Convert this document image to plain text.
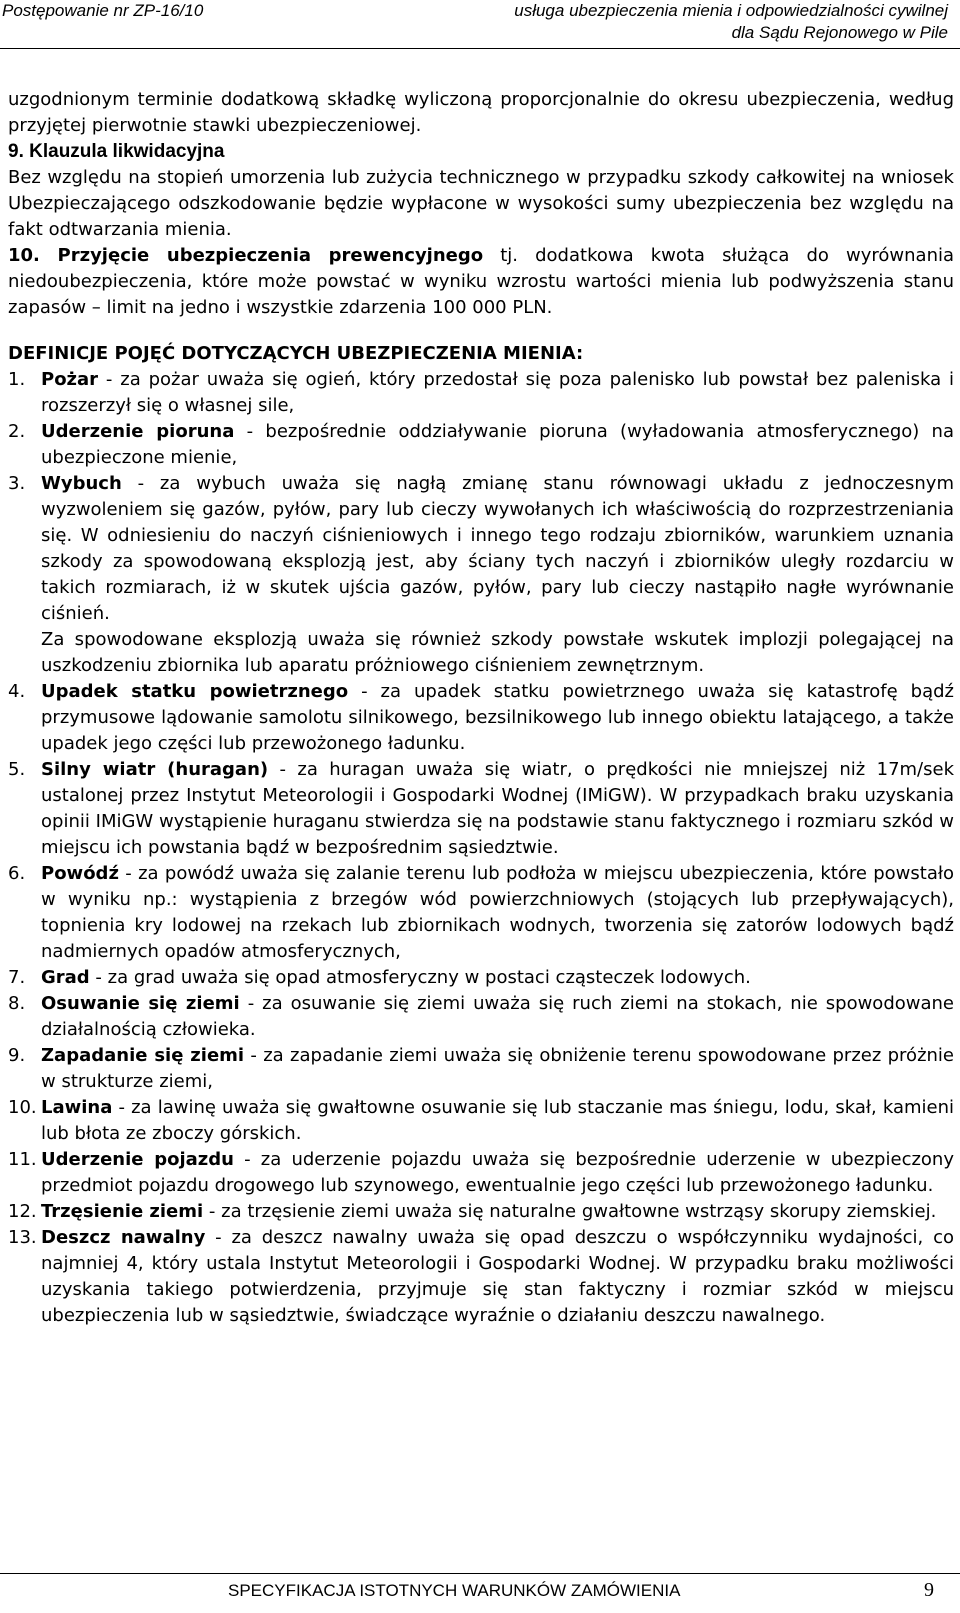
Postępowanie nr ZP-16/10	usługa ubezpieczenia mienia i odpowiedzialności cywilnej
dla Sądu Rejonowego w Pile

uzgodnionym terminie dodatkową składkę wyliczoną proporcjonalnie do okresu ubezpieczenia, według przyjętej pierwotnie stawki ubezpieczeniowej.

9. Klauzula likwidacyjna

Bez względu na stopień umorzenia lub zużycia technicznego w przypadku szkody całkowitej na wniosek Ubezpieczającego odszkodowanie będzie wypłacone w wysokości sumy ubezpieczenia bez względu na fakt odtwarzania mienia.

10. Przyjęcie ubezpieczenia prewencyjnego tj. dodatkowa kwota służąca do wyrównania niedoubezpieczenia, które może powstać w wyniku wzrostu wartości mienia lub podwyższenia stanu zapasów – limit na jedno i wszystkie zdarzenia 100 000 PLN.

DEFINICJE POJĘĆ DOTYCZĄCYCH UBEZPIECZENIA MIENIA:

1. Pożar - za pożar uważa się ogień, który przedostał się poza palenisko lub powstał bez paleniska i rozszerzył się o własnej sile,
2. Uderzenie pioruna - bezpośrednie oddziaływanie pioruna (wyładowania atmosferycznego) na ubezpieczone mienie,
3. Wybuch - za wybuch uważa się nagłą zmianę stanu równowagi układu z jednoczesnym wyzwoleniem się gazów, pyłów, pary lub cieczy wywołanych ich właściwością do rozprzestrzeniania się. W odniesieniu do naczyń ciśnieniowych i innego tego rodzaju zbiorników, warunkiem uznania szkody za spowodowaną eksplozją jest, aby ściany tych naczyń i zbiorników uległy rozdarciu w takich rozmiarach, iż w skutek ujścia gazów, pyłów, pary lub cieczy nastąpiło nagłe wyrównanie ciśnień.
Za spowodowane eksplozją uważa się również szkody powstałe wskutek implozji polegającej na uszkodzeniu zbiornika lub aparatu próżniowego ciśnieniem zewnętrznym.
4. Upadek statku powietrznego - za upadek statku powietrznego uważa się katastrofę bądź przymusowe lądowanie samolotu silnikowego, bezsilnikowego lub innego obiektu latającego, a także upadek jego części lub przewożonego ładunku.
5. Silny wiatr (huragan) - za huragan uważa się wiatr, o prędkości nie mniejszej niż 17m/sek ustalonej przez Instytut Meteorologii i Gospodarki Wodnej (IMiGW). W przypadkach braku uzyskania opinii IMiGW wystąpienie huraganu stwierdza się na podstawie stanu faktycznego i rozmiaru szkód w miejscu ich powstania bądź w bezpośrednim sąsiedztwie.
6. Powódź - za powódź uważa się zalanie terenu lub podłoża w miejscu ubezpieczenia, które powstało w wyniku np.: wystąpienia z brzegów wód powierzchniowych (stojących lub przepływających), topnienia kry lodowej na rzekach lub zbiornikach wodnych, tworzenia się zatorów lodowych bądź nadmiernych opadów atmosferycznych,
7. Grad - za grad uważa się opad atmosferyczny w postaci cząsteczek lodowych.
8. Osuwanie się ziemi - za osuwanie się ziemi uważa się ruch ziemi na stokach, nie spowodowane działalnością człowieka.
9. Zapadanie się ziemi - za zapadanie ziemi uważa się obniżenie terenu spowodowane przez próżnie w strukturze ziemi,
10. Lawina - za lawinę uważa się gwałtowne osuwanie się lub staczanie mas śniegu, lodu, skał, kamieni lub błota ze zboczy górskich.
11. Uderzenie pojazdu - za uderzenie pojazdu uważa się bezpośrednie uderzenie w ubezpieczony przedmiot pojazdu drogowego lub szynowego, ewentualnie jego części lub przewożonego ładunku.
12. Trzęsienie ziemi - za trzęsienie ziemi uważa się naturalne gwałtowne wstrząsy skorupy ziemskiej.
13. Deszcz nawalny - za deszcz nawalny uważa się opad deszczu o współczynniku wydajności, co najmniej 4, który ustala Instytut Meteorologii i Gospodarki Wodnej. W przypadku braku możliwości uzyskania takiego potwierdzenia, przyjmuje się stan faktyczny i rozmiar szkód w miejscu ubezpieczenia lub w sąsiedztwie, świadczące wyraźnie o działaniu deszczu nawalnego.
SPECYFIKACJA ISTOTNYCH WARUNKÓW ZAMÓWIENIA	9
